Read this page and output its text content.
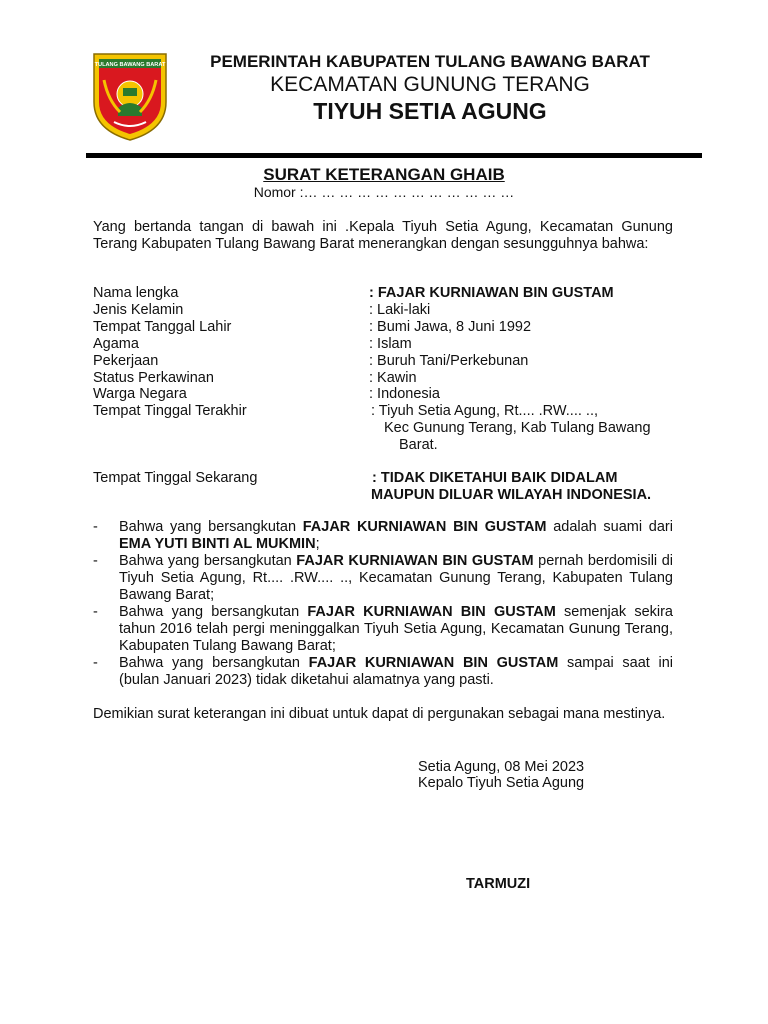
TULANG BAWANG BARAT	PEMERINTAH KABUPATEN TULANG BAWANG BARAT
KECAMATAN GUNUNG TERANG
TIYUH SETIA AGUNG
SURAT KETERANGAN GHAIB
Nomor :… … … … … … … … … … … …
Yang bertanda tangan di bawah ini .Kepala Tiyuh Setia Agung, Kecamatan Gunung Terang Kabupaten Tulang Bawang Barat menerangkan dengan sesungguhnya bahwa:
Nama lengka	: FAJAR KURNIAWAN BIN GUSTAM
Jenis Kelamin	: Laki-laki
Tempat Tanggal Lahir	: Bumi Jawa, 8 Juni 1992
Agama	: Islam
Pekerjaan	: Buruh Tani/Perkebunan
Status Perkawinan	: Kawin
Warga Negara	: Indonesia
Tempat Tinggal Terakhir	: Tiyuh Setia Agung, Rt.... .RW.... ..,
Kec Gunung Terang, Kab Tulang Bawang
Barat.
Tempat Tinggal Sekarang	: TIDAK DIKETAHUI BAIK DIDALAM
MAUPUN DILUAR WILAYAH INDONESIA.
- Bahwa yang bersangkutan FAJAR KURNIAWAN BIN GUSTAM adalah suami dari EMA YUTI BINTI AL MUKMIN;
- Bahwa yang bersangkutan FAJAR KURNIAWAN BIN GUSTAM pernah berdomisili di Tiyuh Setia Agung, Rt.... .RW.... .., Kecamatan Gunung Terang, Kabupaten Tulang Bawang Barat;
- Bahwa yang bersangkutan FAJAR KURNIAWAN BIN GUSTAM semenjak sekira tahun 2016 telah pergi meninggalkan Tiyuh Setia Agung, Kecamatan Gunung Terang, Kabupaten Tulang Bawang Barat;
- Bahwa yang bersangkutan FAJAR KURNIAWAN BIN GUSTAM sampai saat ini (bulan Januari 2023) tidak diketahui alamatnya yang pasti.
Demikian surat keterangan ini dibuat untuk dapat di pergunakan sebagai mana mestinya.
Setia Agung, 08 Mei 2023
Kepalo Tiyuh Setia Agung
TARMUZI
